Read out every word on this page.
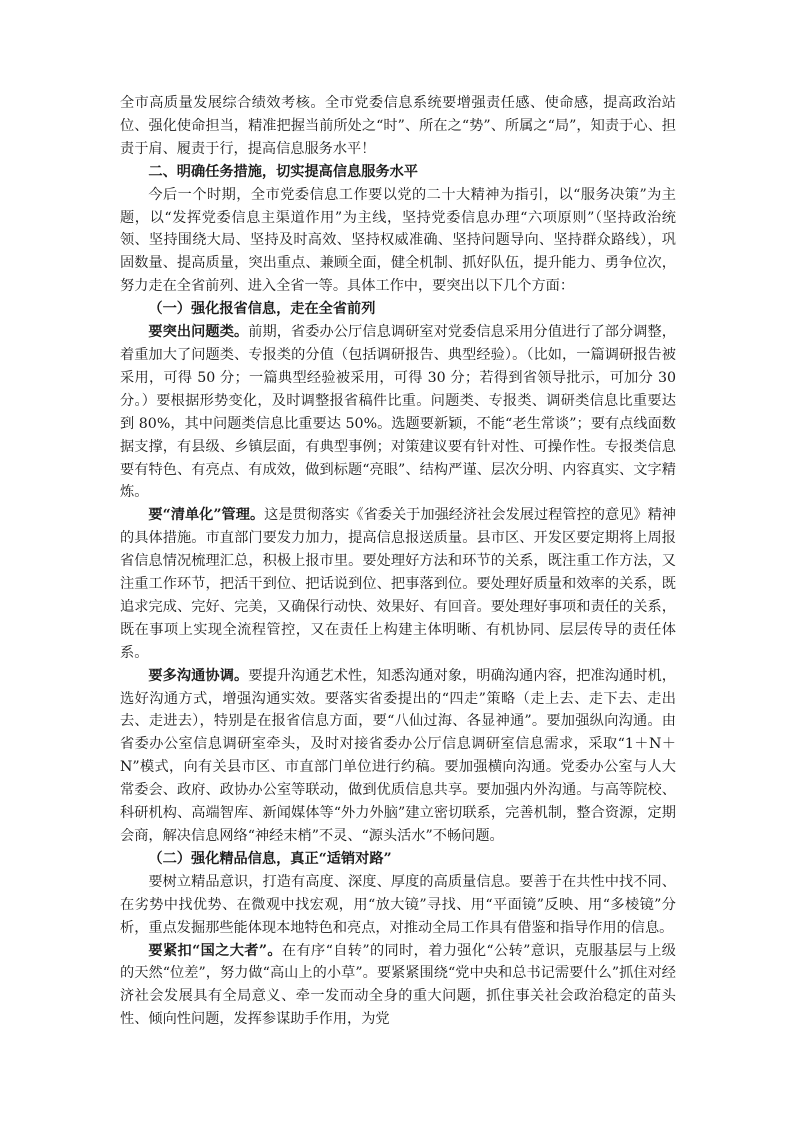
全市高质量发展综合绩效考核。全市党委信息系统要增强责任感、使命感，提高政治站位、强化使命担当，精准把握当前所处之“时”、所在之“势”、所属之“局”，知责于心、担责于肩、履责于行，提高信息服务水平！

二、明确任务措施，切实提高信息服务水平

今后一个时期，全市党委信息工作要以党的二十大精神为指引，以“服务决策”为主题，以“发挥党委信息主渠道作用”为主线，坚持党委信息办理“六项原则”（坚持政治统领、坚持围绕大局、坚持及时高效、坚持权威准确、坚持问题导向、坚持群众路线），巩固数量、提高质量，突出重点、兼顾全面，健全机制、抓好队伍，提升能力、勇争位次，努力走在全省前列、进入全省一等。具体工作中，要突出以下几个方面：

（一）强化报省信息，走在全省前列

要突出问题类。前期，省委办公厅信息调研室对党委信息采用分值进行了部分调整，着重加大了问题类、专报类的分值（包括调研报告、典型经验）。（比如，一篇调研报告被采用，可得 50 分；一篇典型经验被采用，可得 30 分；若得到省领导批示，可加分 30 分。）要根据形势变化，及时调整报省稿件比重。问题类、专报类、调研类信息比重要达到 80%，其中问题类信息比重要达 50%。选题要新颖，不能“老生常谈”；要有点线面数据支撑，有县级、乡镇层面，有典型事例；对策建议要有针对性、可操作性。专报类信息要有特色、有亮点、有成效，做到标题“亮眼”、结构严谨、层次分明、内容真实、文字精炼。

要“清单化”管理。这是贯彻落实《省委关于加强经济社会发展过程管控的意见》精神的具体措施。市直部门要发力加力，提高信息报送质量。县市区、开发区要定期将上周报省信息情况梳理汇总，积极上报市里。要处理好方法和环节的关系，既注重工作方法，又注重工作环节，把活干到位、把话说到位、把事落到位。要处理好质量和效率的关系，既追求完成、完好、完美，又确保行动快、效果好、有回音。要处理好事项和责任的关系，既在事项上实现全流程管控，又在责任上构建主体明晰、有机协同、层层传导的责任体系。

要多沟通协调。要提升沟通艺术性，知悉沟通对象，明确沟通内容，把准沟通时机，选好沟通方式，增强沟通实效。要落实省委提出的“四走”策略（走上去、走下去、走出去、走进去），特别是在报省信息方面，要“八仙过海、各显神通”。要加强纵向沟通。由省委办公室信息调研室牵头，及时对接省委办公厅信息调研室信息需求，采取“1＋N＋N”模式，向有关县市区、市直部门单位进行约稿。要加强横向沟通。党委办公室与人大常委会、政府、政协办公室等联动，做到优质信息共享。要加强内外沟通。与高等院校、科研机构、高端智库、新闻媒体等“外力外脑”建立密切联系，完善机制，整合资源，定期会商，解决信息网络“神经末梢”不灵、“源头活水”不畅问题。

（二）强化精品信息，真正“适销对路”

要树立精品意识，打造有高度、深度、厚度的高质量信息。要善于在共性中找不同、在劣势中找优势、在微观中找宏观，用“放大镜”寻找、用“平面镜”反映、用“多棱镜”分析，重点发掘那些能体现本地特色和亮点，对推动全局工作具有借鉴和指导作用的信息。

要紧扣“国之大者”。在有序“自转”的同时，着力强化“公转”意识，克服基层与上级的天然“位差”，努力做“高山上的小草”。要紧紧围绕“党中央和总书记需要什么”抓住对经济社会发展具有全局意义、牵一发而动全身的重大问题，抓住事关社会政治稳定的苗头性、倾向性问题，发挥参谋助手作用，为党
